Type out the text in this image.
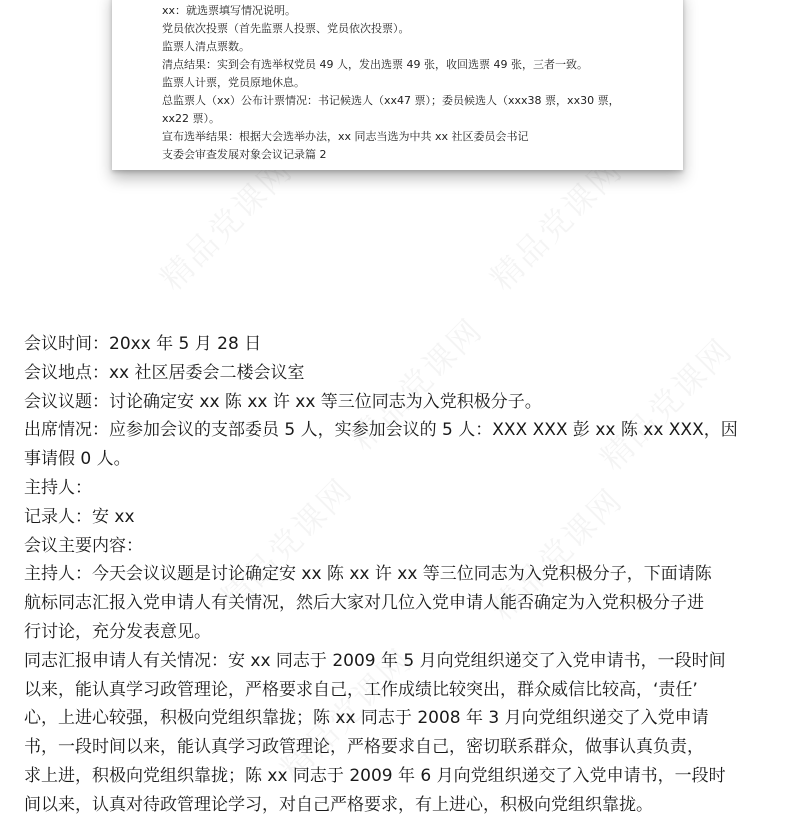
xx：就选票填写情况说明。
党员依次投票（首先监票人投票、党员依次投票）。
监票人清点票数。
清点结果：实到会有选举权党员 49 人，发出选票 49 张，收回选票 49 张，三者一致。
监票人计票，党员原地休息。
总监票人（xx）公布计票情况：书记候选人（xx47 票）；委员候选人（xxx38 票，xx30 票，
xx22 票）。
宣布选举结果：根据大会选举办法，xx 同志当选为中共 xx 社区委员会书记
支委会审查发展对象会议记录篇 2
会议时间：20xx 年 5 月 28 日
会议地点：xx 社区居委会二楼会议室
会议议题：讨论确定安 xx 陈 xx 许 xx 等三位同志为入党积极分子。
出席情况：应参加会议的支部委员 5 人，实参加会议的 5 人：XXX XXX 彭 xx 陈 xx XXX，因
事请假 0 人。
主持人：
记录人：安 xx
会议主要内容：
主持人：今天会议议题是讨论确定安 xx 陈 xx 许 xx 等三位同志为入党积极分子，下面请陈
航标同志汇报入党申请人有关情况，然后大家对几位入党申请人能否确定为入党积极分子进
行讨论，充分发表意见。
同志汇报申请人有关情况：安 xx 同志于 2009 年 5 月向党组织递交了入党申请书，一段时间
以来，能认真学习政管理论，严格要求自己，工作成绩比较突出，群众威信比较高，‘责任’
心，上进心较强，积极向党组织靠拢；陈 xx 同志于 2008 年 3 月向党组织递交了入党申请
书，一段时间以来，能认真学习政管理论，严格要求自己，密切联系群众，做事认真负责，
求上进，积极向党组织靠拢；陈 xx 同志于 2009 年 6 月向党组织递交了入党申请书，一段时
间以来，认真对待政管理论学习，对自己严格要求，有上进心，积极向党组织靠拢。
